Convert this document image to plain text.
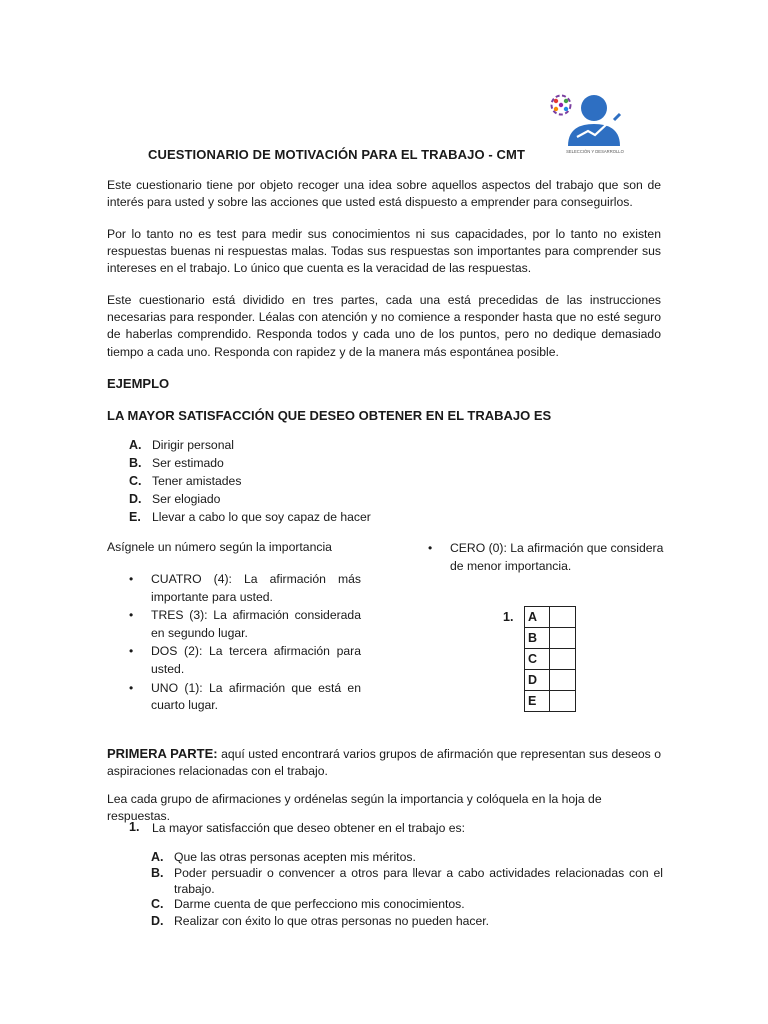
SELECCIÓN Y DESARROLLO
CUESTIONARIO DE MOTIVACIÓN PARA EL TRABAJO - CMT

Este cuestionario tiene por objeto recoger una idea sobre aquellos aspectos del trabajo que son de interés para usted y sobre las acciones que usted está dispuesto a emprender para conseguirlos.

Por lo tanto no es test para medir sus conocimientos ni sus capacidades, por lo tanto no existen respuestas buenas ni respuestas malas. Todas sus respuestas son importantes para comprender sus intereses en el trabajo. Lo único que cuenta es la veracidad de las respuestas.

Este cuestionario está dividido en tres partes, cada una está precedidas de las instrucciones necesarias para responder. Léalas con atención y no comience a responder hasta que no esté seguro de haberlas comprendido. Responda todos y cada uno de los puntos, pero no dedique demasiado tiempo a cada uno. Responda con rapidez y de la manera más espontánea posible.

EJEMPLO
LA MAYOR SATISFACCIÓN QUE DESEO OBTENER EN EL TRABAJO ES
A. Dirigir personal
B. Ser estimado
C. Tener amistades
D. Ser elogiado
E. Llevar a cabo lo que soy capaz de hacer
Asígnele un número según la importancia
• CUATRO (4): La afirmación más importante para usted.
• TRES (3): La afirmación considerada en segundo lugar.
• DOS (2): La tercera afirmación para usted.
• UNO (1): La afirmación que está en cuarto lugar.
• CERO (0): La afirmación que considera de menor importancia.
1.	A	
	B	
	C	
	D	
	E	

PRIMERA PARTE: aquí usted encontrará varios grupos de afirmación que representan sus deseos o aspiraciones relacionadas con el trabajo.

Lea cada grupo de afirmaciones y ordénelas según la importancia y colóquela en la hoja de respuestas.

1. La mayor satisfacción que deseo obtener en el trabajo es:
A. Que las otras personas acepten mis méritos.
B. Poder persuadir o convencer a otros para llevar a cabo actividades relacionadas con el trabajo.
C. Darme cuenta de que perfecciono mis conocimientos.
D. Realizar con éxito lo que otras personas no pueden hacer.
